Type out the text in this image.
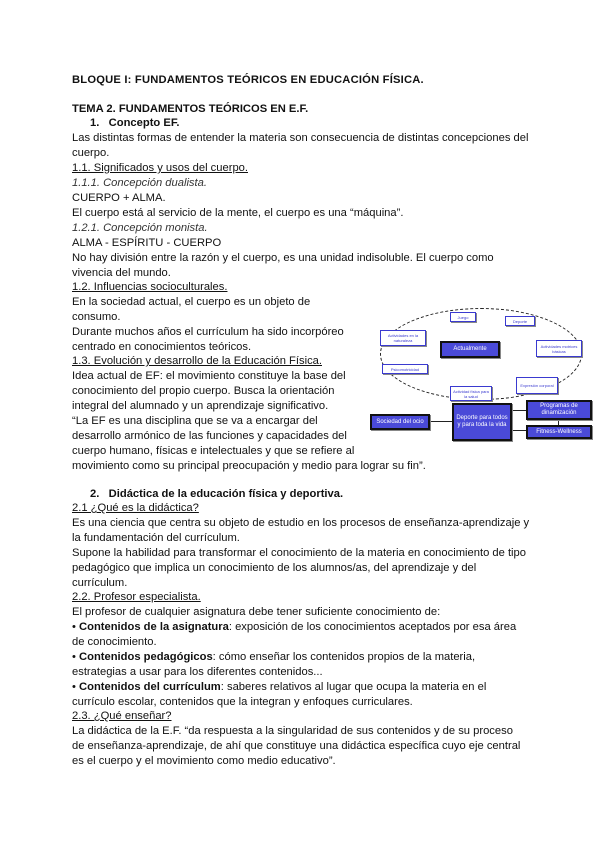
BLOQUE I: FUNDAMENTOS TEÓRICOS EN EDUCACIÓN FÍSICA.
TEMA 2. FUNDAMENTOS TEÓRICOS EN E.F.
1. Concepto EF.
Las distintas formas de entender la materia son consecuencia de distintas concepciones del
cuerpo.
1.1. Significados y usos del cuerpo.
1.1.1. Concepción dualista.
CUERPO + ALMA.
El cuerpo está al servicio de la mente, el cuerpo es una “máquina”.
1.2.1. Concepción monista.
ALMA - ESPÍRITU - CUERPO
No hay división entre la razón y el cuerpo, es una unidad indisoluble. El cuerpo como
vivencia del mundo.
1.2. Influencias socioculturales.
En la sociedad actual, el cuerpo es un objeto de
consumo.
Durante muchos años el currículum ha sido incorpóreo
centrado en conocimientos teóricos.
1.3. Evolución y desarrollo de la Educación Física.
Idea actual de EF: el movimiento constituye la base del
conocimiento del propio cuerpo. Busca la orientación
integral del alumnado y un aprendizaje significativo.
“La EF es una disciplina que se va a encargar del
desarrollo armónico de las funciones y capacidades del
cuerpo humano, físicas e intelectuales y que se refiere al
movimiento como su principal preocupación y medio para lograr su fin”.
2. Didáctica de la educación física y deportiva.
2.1 ¿Qué es la didáctica?
Es una ciencia que centra su objeto de estudio en los procesos de enseñanza-aprendizaje y
la fundamentación del currículum.
Supone la habilidad para transformar el conocimiento de la materia en conocimiento de tipo
pedagógico que implica un conocimiento de los alumnos/as, del aprendizaje y del
currículum.
2.2. Profesor especialista.
El profesor de cualquier asignatura debe tener suficiente conocimiento de:
• Contenidos de la asignatura: exposición de los conocimientos aceptados por esa área
de conocimiento.
• Contenidos pedagógicos: cómo enseñar los contenidos propios de la materia,
estrategias a usar para los diferentes contenidos...
• Contenidos del currículum: saberes relativos al lugar que ocupa la materia en el
currículo escolar, contenidos que la integran y enfoques curriculares.
2.3. ¿Qué enseñar?
La didáctica de la E.F. “da respuesta a la singularidad de sus contenidos y de su proceso
de enseñanza-aprendizaje, de ahí que constituye una didáctica específica cuyo eje central
es el cuerpo y el movimiento como medio educativo”.
Juego
Deporte
Actividades motrices básicas
Expresión corporal
Actividad física para la salud
Psicomotricidad
Actividades en la naturaleza
Actualmente
Sociedad del ocio
Deporte para todos y para toda la vida
Programas de dinamización
Fitness-Wellness
